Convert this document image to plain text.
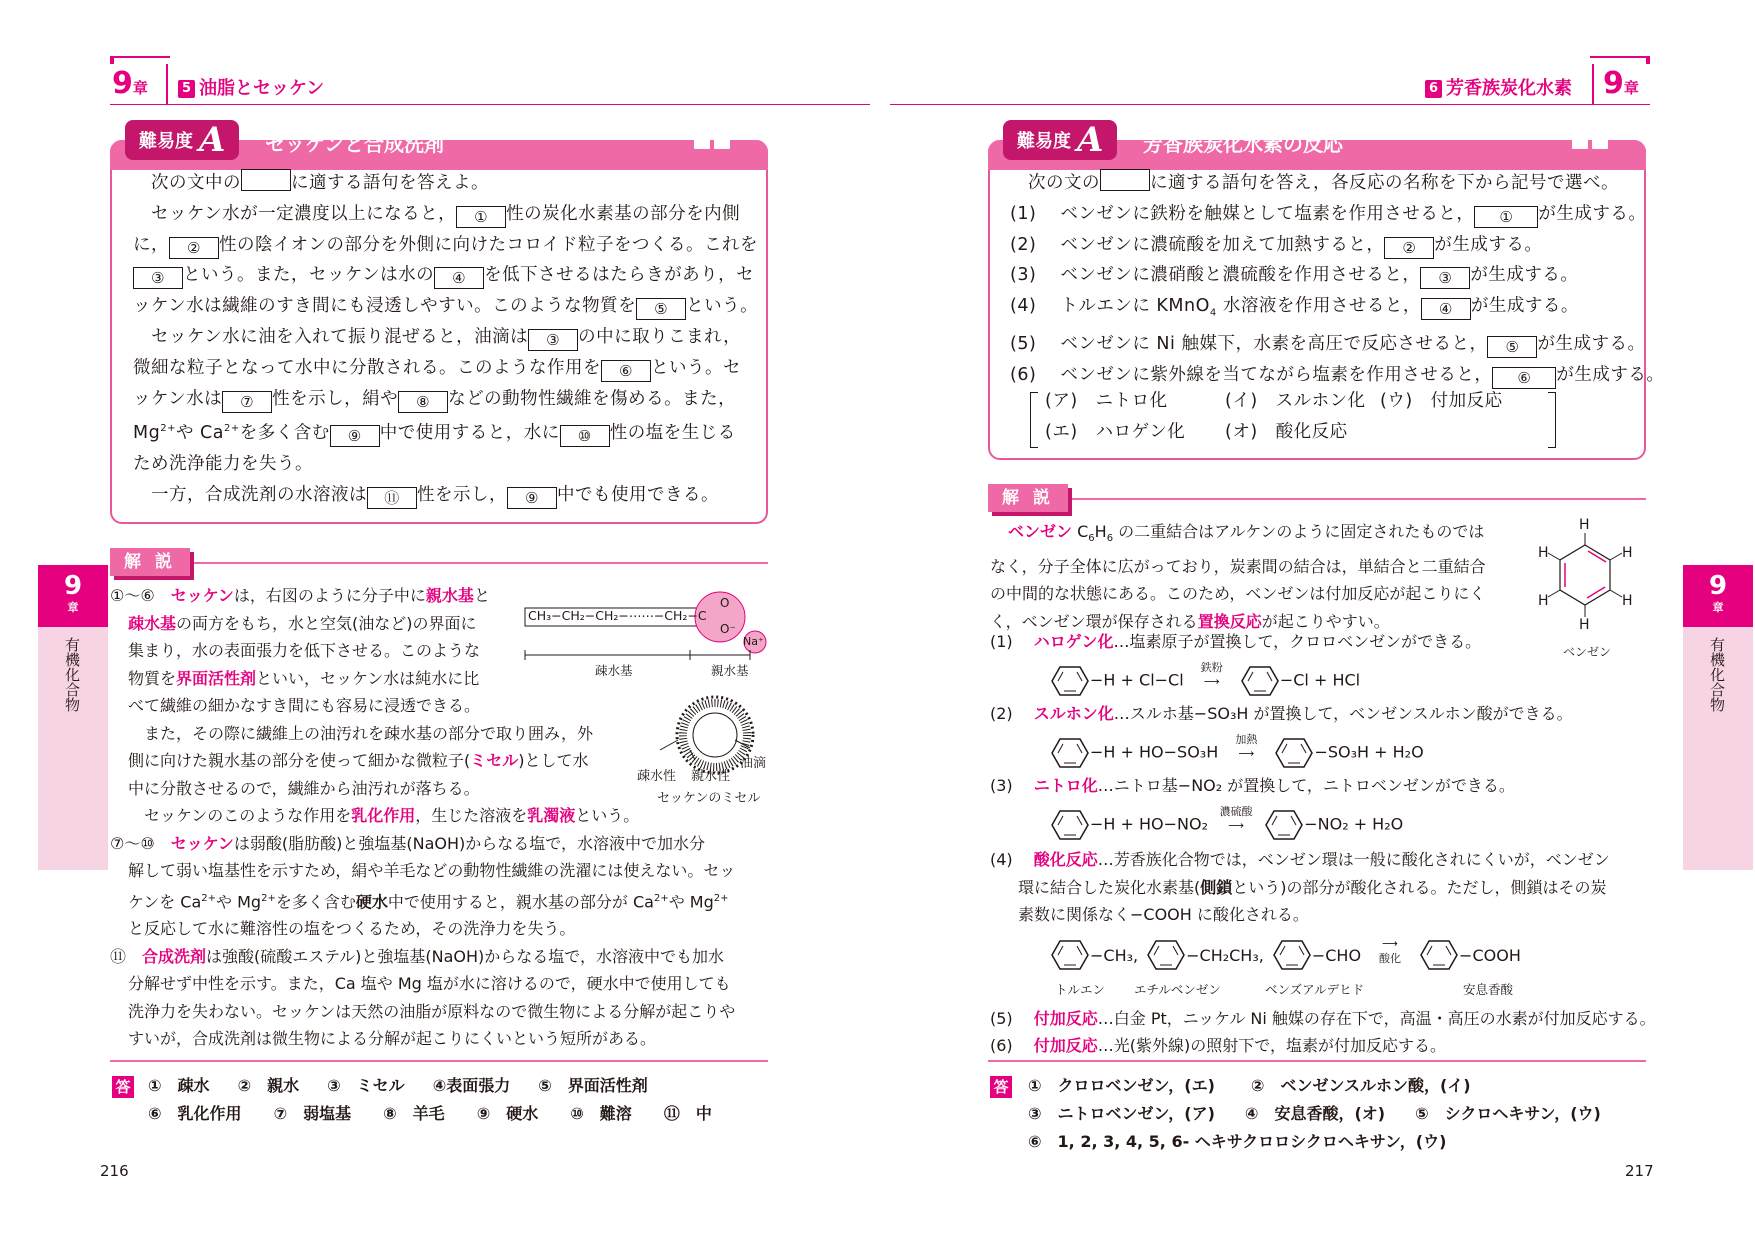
9章	5 油脂とセッケン
難易度 A セッケンと合成洗剤
　次の文中の	に適する語句を答えよ。
　セッケン水が一定濃度以上になると， ① 性の炭化水素基の部分を内側
に， ② 性の陰イオンの部分を外側に向けたコロイド粒子をつくる。これを
③ という。また，セッケンは水の ④ を低下させるはたらきがあり，セ
ッケン水は繊維のすき間にも浸透しやすい。このような物質を ⑤ という。
　セッケン水に油を入れて振り混ぜると，油滴は ③ の中に取りこまれ，
微細な粒子となって水中に分散される。このような作用を ⑥ という。セ
ッケン水は ⑦ 性を示し，絹や ⑧ などの動物性繊維を傷める。また，
$Mg^{2+}$や $Ca^{2+}$を多く含む ⑨ 中で使用すると，水に ⑩ 性の塩を生じる
ため洗浄能力を失う。
　一方，合成洗剤の水溶液は ⑪ 性を示し， ⑨ 中でも使用できる。
解 説
CH₃−CH₂−CH₂−⋯⋯−CH₂−C
O
O⁻
Na⁺
疎水基	親水基
油滴
疎水性 親水性
セッケンのミセル
①～⑥　セッケンは，右図のように分子中に親水基と
疎水基の両方をもち，水と空気(油など)の界面に
集まり，水の表面張力を低下させる。このような
物質を界面活性剤といい，セッケン水は純水に比
べて繊維の細かなすき間にも容易に浸透できる。
　また，その際に繊維上の油汚れを疎水基の部分で取り囲み，外
側に向けた親水基の部分を使って細かな微粒子(ミセル)として水
中に分散させるので，繊維から油汚れが落ちる。
　セッケンのこのような作用を乳化作用，生じた溶液を乳濁液という。
⑦～⑩　セッケンは弱酸(脂肪酸)と強塩基(NaOH)からなる塩で，水溶液中で加水分
解して弱い塩基性を示すため，絹や羊毛などの動物性繊維の洗濯には使えない。セッ
ケンを $Ca^{2+}$や $Mg^{2+}$を多く含む硬水中で使用すると，親水基の部分が $Ca^{2+}$や $Mg^{2+}$
と反応して水に難溶性の塩をつくるため，その洗浄力を失う。
⑪　合成洗剤は強酸(硫酸エステル)と強塩基(NaOH)からなる塩で，水溶液中でも加水
分解せず中性を示す。また，Ca 塩や Mg 塩が水に溶けるので，硬水中で使用しても
洗浄力を失わない。セッケンは天然の油脂が原料なので微生物による分解が起こりや
すいが，合成洗剤は微生物による分解が起こりにくいという短所がある。
答 ①　疎水 ②　親水 ③　ミセル ④表面張力 ⑤　界面活性剤
⑥　乳化作用 ⑦　弱塩基 ⑧　羊毛 ⑨　硬水 ⑩　難溶 ⑪　中
216
9
章
有機化合物
9
章
有機化合物
6 芳香族炭化水素 9章
難易度 A 芳香族炭化水素の反応
　次の文の	に適する語句を答え，各反応の名称を下から記号で選べ。
(1)　 ベンゼンに鉄粉を触媒として塩素を作用させると， ① が生成する。
(2)　 ベンゼンに濃硫酸を加えて加熱すると， ② が生成する。
(3)　 ベンゼンに濃硝酸と濃硫酸を作用させると， ③ が生成する。
(4)　 トルエンに KMnO$_4$ 水溶液を作用させると， ④ が生成する。
(5)　 ベンゼンに Ni 触媒下，水素を高圧で反応させると， ⑤ が生成する。
(6)　 ベンゼンに紫外線を当てながら塩素を作用させると， ⑥ が生成する。
(ア)　ニトロ化	(イ)　スルホン化 (ウ)　付加反応
(エ)　ハロゲン化	(オ)　酸化反応
解 説
H
H
H	H
H	H
ベンゼン
ベンゼン $C_6H_6$ の二重結合はアルケンのように固定されたものでは
なく，分子全体に広がっており，炭素間の結合は，単結合と二重結合
の中間的な状態にある。このため，ベンゼンは付加反応が起こりにく
く，ベンゼン環が保存される置換反応が起こりやすい。
(1)　 ハロゲン化…塩素原子が置換して，クロロベンゼンができる。
−H + Cl−Cl 鉄粉
⟶	−Cl + HCl
(2)　 スルホン化…スルホ基−SO₃H が置換して，ベンゼンスルホン酸ができる。
−H + HO−SO₃H 加熱
⟶	−SO₃H + H₂O
(3)　 ニトロ化…ニトロ基−NO₂ が置換して，ニトロベンゼンができる。
−H + HO−NO₂ 濃硫酸
⟶	−NO₂ + H₂O
(4)　 酸化反応…芳香族化合物では，ベンゼン環は一般に酸化されにくいが，ベンゼン
環に結合した炭化水素基(側鎖という)の部分が酸化される。ただし，側鎖はその炭
素数に関係なく−COOH に酸化される。
−CH₃,	−CH₂CH₃,	−CHO
⟶
酸化	−COOH
トルエン エチルベンゼン	ベンズアルデヒド	安息香酸
(5)　 付加反応…白金 Pt，ニッケル Ni 触媒の存在下で，高温・高圧の水素が付加反応する。
(6)　 付加反応…光(紫外線)の照射下で，塩素が付加反応する。
答 ①　クロロベンゼン，(エ) ②　ベンゼンスルホン酸，(イ)
③　ニトロベンゼン，(ア) ④　安息香酸，(オ) ⑤　シクロヘキサン，(ウ)
⑥　1, 2, 3, 4, 5, 6- ヘキサクロロシクロヘキサン，(ウ)
217
